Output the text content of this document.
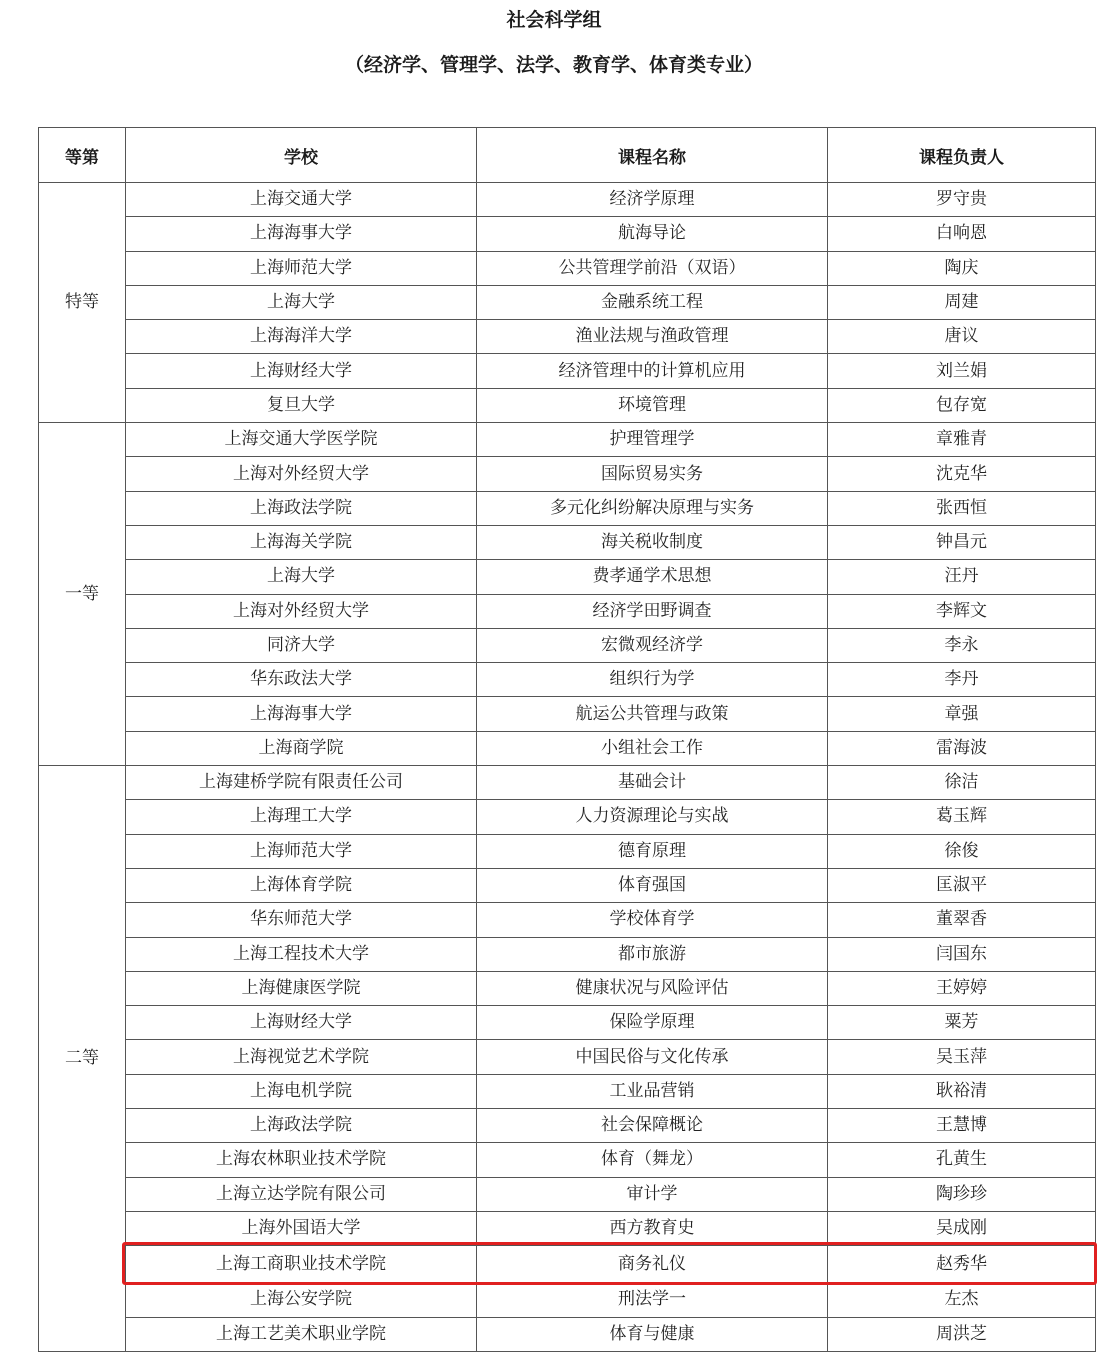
社会科学组
（经济学、管理学、法学、教育学、体育类专业）
等第	学校	课程名称	课程负责人
特等	上海交通大学	经济学原理	罗守贵
	上海海事大学	航海导论	白响恩
	上海师范大学	公共管理学前沿（双语）	陶庆
	上海大学	金融系统工程	周建
	上海海洋大学	渔业法规与渔政管理	唐议
	上海财经大学	经济管理中的计算机应用	刘兰娟
	复旦大学	环境管理	包存宽
一等	上海交通大学医学院	护理管理学	章雅青
	上海对外经贸大学	国际贸易实务	沈克华
	上海政法学院	多元化纠纷解决原理与实务	张西恒
	上海海关学院	海关税收制度	钟昌元
	上海大学	费孝通学术思想	汪丹
	上海对外经贸大学	经济学田野调查	李辉文
	同济大学	宏微观经济学	李永
	华东政法大学	组织行为学	李丹
	上海海事大学	航运公共管理与政策	章强
	上海商学院	小组社会工作	雷海波
二等	上海建桥学院有限责任公司	基础会计	徐洁
	上海理工大学	人力资源理论与实战	葛玉辉
	上海师范大学	德育原理	徐俊
	上海体育学院	体育强国	匡淑平
	华东师范大学	学校体育学	董翠香
	上海工程技术大学	都市旅游	闫国东
	上海健康医学院	健康状况与风险评估	王婷婷
	上海财经大学	保险学原理	粟芳
	上海视觉艺术学院	中国民俗与文化传承	吴玉萍
	上海电机学院	工业品营销	耿裕清
	上海政法学院	社会保障概论	王慧博
	上海农林职业技术学院	体育（舞龙）	孔黄生
	上海立达学院有限公司	审计学	陶珍珍
	上海外国语大学	西方教育史	吴成刚
	上海工商职业技术学院	商务礼仪	赵秀华
	上海公安学院	刑法学一	左杰
	上海工艺美术职业学院	体育与健康	周洪芝
